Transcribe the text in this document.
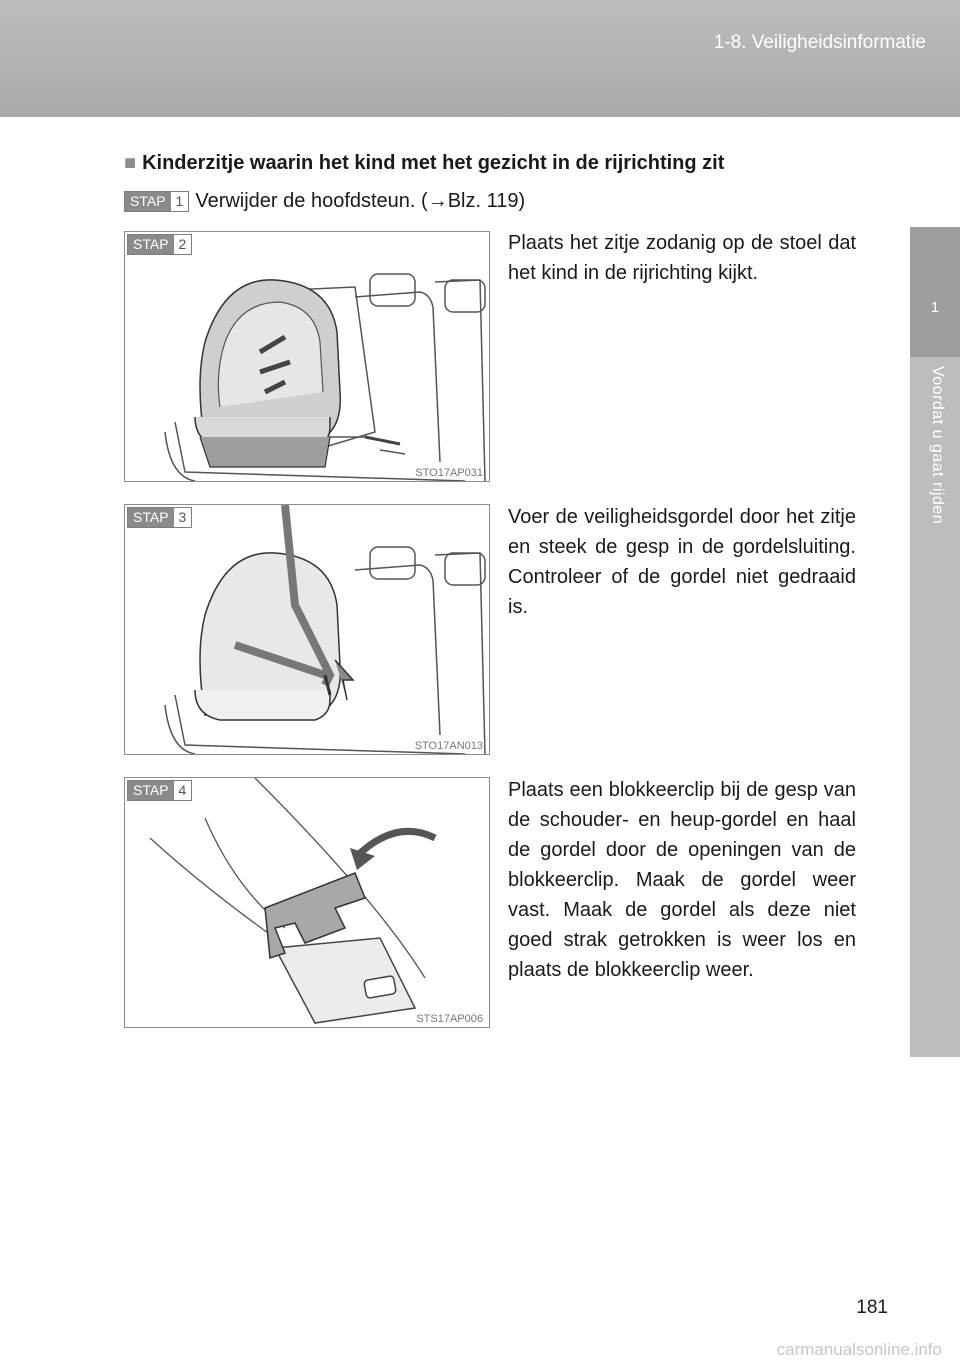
1-8. Veiligheidsinformatie
1
Voordat u gaat rijden
■ Kinderzitje waarin het kind met het gezicht in de rijrichting zit
STAP 1 Verwijder de hoofdsteun. (→Blz. 119)
STAP 2
STO17AP031
Plaats het zitje zodanig op de stoel dat het kind in de rijrichting kijkt.
STAP 3
STO17AN013
Voer de veiligheidsgordel door het zitje en steek de gesp in de gordelsluiting. Controleer of de gordel niet gedraaid is.
STAP 4
STS17AP006
Plaats een blokkeerclip bij de gesp van de schouder- en heup-gordel en haal de gordel door de openingen van de blokkeerclip. Maak de gordel weer vast. Maak de gordel als deze niet goed strak getrokken is weer los en plaats de blokkeerclip weer.
181
carmanualsonline.info
